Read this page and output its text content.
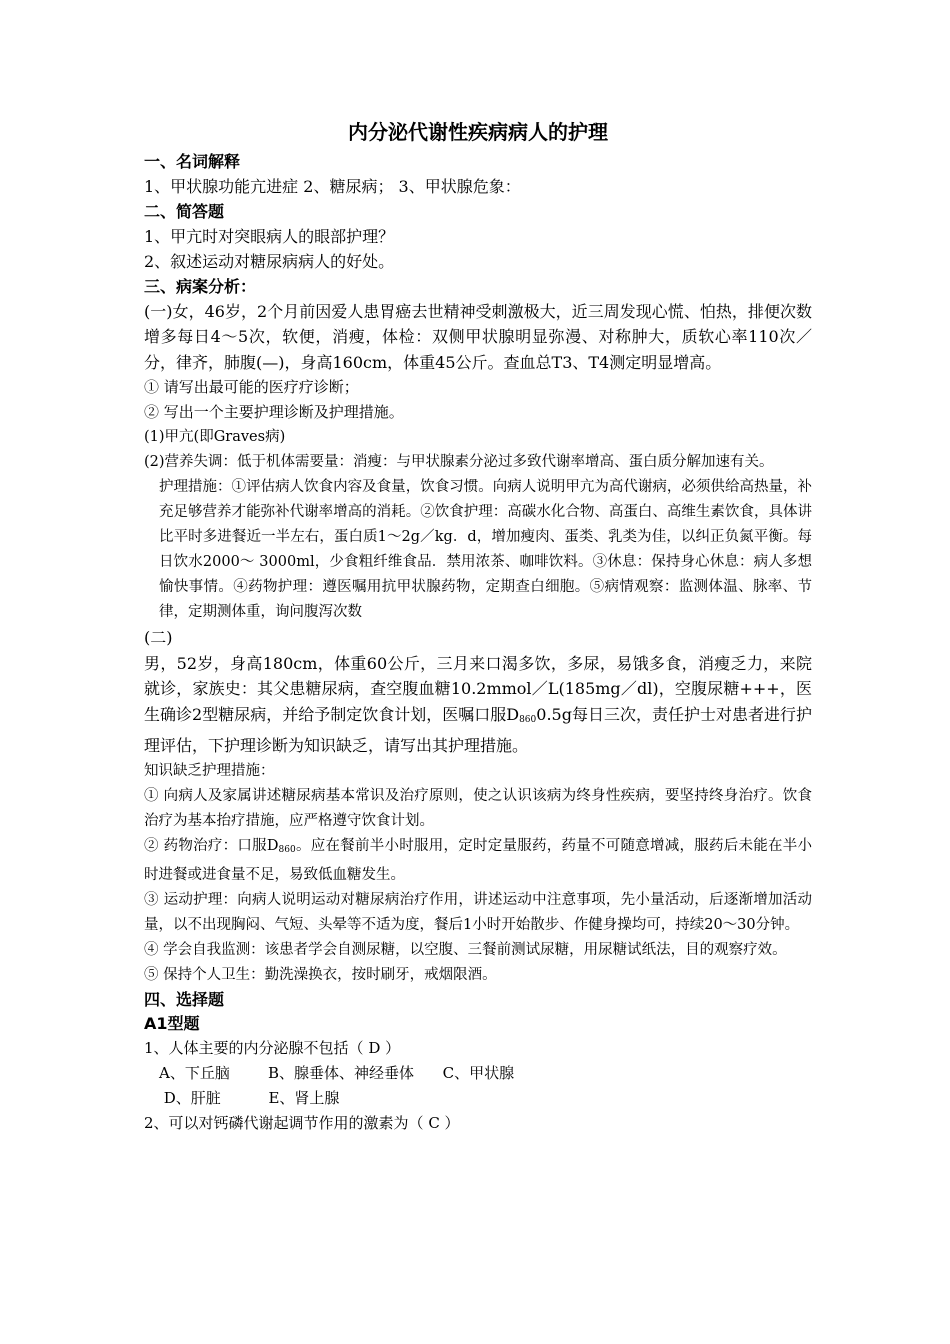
内分泌代谢性疾病病人的护理

一、名词解释

1、甲状腺功能亢进症 2、糖尿病； 3、甲状腺危象：

二、简答题

1、甲亢时对突眼病人的眼部护理？

2、叙述运动对糖尿病病人的好处。

三、病案分析：

(一)女，46岁，2个月前因爱人患胃癌去世精神受刺激极大，近三周发现心慌、怕热，排便次数增多每日4～5次，软便，消瘦，体检：双侧甲状腺明显弥漫、对称肿大，质软心率110次／分，律齐，肺腹(—)，身高160cm，体重45公斤。查血总T3、T4测定明显增高。

① 请写出最可能的医疗疗诊断；

② 写出一个主要护理诊断及护理措施。

(1)甲亢(即Graves病)

(2)营养失调：低于机体需要量：消瘦：与甲状腺素分泌过多致代谢率增高、蛋白质分解加速有关。

护理措施：①评估病人饮食内容及食量，饮食习惯。向病人说明甲亢为高代谢病，必须供给高热量，补充足够营养才能弥补代谢率增高的消耗。②饮食护理：高碳水化合物、高蛋白、高维生素饮食，具体讲比平时多进餐近一半左右，蛋白质1～2g／kg．d，增加瘦肉、蛋类、乳类为佳，以纠正负氮平衡。每日饮水2000～ 3000ml，少食粗纤维食品．禁用浓茶、咖啡饮料。③休息：保持身心休息：病人多想愉快事情。④药物护理：遵医嘱用抗甲状腺药物，定期查白细胞。⑤病情观察：监测体温、脉率、节律，定期测体重，询问腹泻次数

(二)

男，52岁，身高180cm，体重60公斤，三月来口渴多饮，多尿，易饿多食，消瘦乏力，来院就诊，家族史：其父患糖尿病，查空腹血糖10.2mmol／L(185mg／dl)，空腹尿糖+++，医生确诊2型糖尿病，并给予制定饮食计划，医嘱口服$D_{860}0.5g$每日三次，责任护士对患者进行护理评估，下护理诊断为知识缺乏，请写出其护理措施。

知识缺乏护理措施：

① 向病人及家属讲述糖尿病基本常识及治疗原则，使之认识该病为终身性疾病，要坚持终身治疗。饮食治疗为基本抬疗措施，应严格遵守饮食计划。

② 药物治疗：口服$D_{860}$。应在餐前半小时服用，定时定量服药，药量不可随意增减，服药后未能在半小时进餐或进食量不足，易致低血糖发生。

③ 运动护理：向病人说明运动对糖尿病治疗作用，讲述运动中注意事项，先小量活动，后逐渐增加活动量，以不出现胸闷、气短、头晕等不适为度，餐后1小时开始散步、作健身操均可，持续20～30分钟。

④ 学会自我监测：该患者学会自测尿糖，以空腹、三餐前测试尿糖，用尿糖试纸法，目的观察疗效。

⑤ 保持个人卫生：勤洗澡换衣，按时刷牙，戒烟限酒。

四、选择题

A1型题

1、人体主要的内分泌腺不包括（ D ）

A、下丘脑        B、腺垂体、神经垂体      C、甲状腺

D、肝脏          E、肾上腺

2、可以对钙磷代谢起调节作用的激素为（ C ）
